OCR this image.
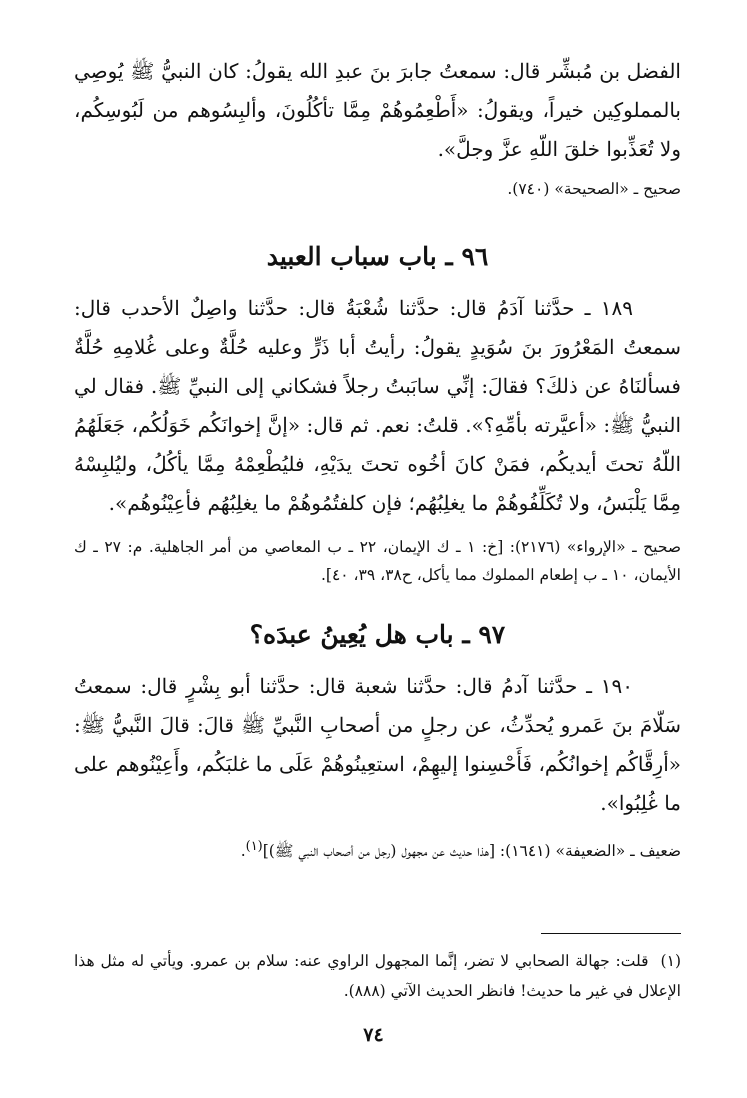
الفضل بن مُبشِّر قال: سمعتُ جابرَ بنَ عبدِ الله يقولُ: كان النبيُّ ﷺ يُوصِي بالمملوكِين خيراً، ويقولُ: «أَطْعِمُوهُمْ مِمَّا تأكُلُونَ، وألبِسُوهم من لَبُوسِكُم، ولا تُعَذِّبوا خلقَ اللّهِ عزَّ وجلَّ».

صحيح ـ «الصحيحة» (٧٤٠).

٩٦ ـ باب سباب العبيد

١٨٩ ـ حدَّثنا آدَمُ قال: حدَّثنا شُعْبَةُ قال: حدَّثنا واصِلٌ الأحدب قال: سمعتُ المَعْرُورَ بنَ سُوَيدٍ يقولُ: رأيتُ أبا ذَرٍّ وعليه حُلَّةٌ وعلى غُلامِهِ حُلَّةٌ فسألنَاهُ عن ذلكَ؟ فقالَ: إنِّي سابَبتُ رجلاً فشكاني إلى النبيِّ ﷺ. فقال لي النبيُّ ﷺ: «أعيَّرته بأمِّهِ؟». قلتُ: نعم. ثم قال: «إنَّ إخوانَكُم خَوَلُكُم، جَعَلَهُمُ اللّهُ تحتَ أيديكُم، فمَنْ كانَ أخُوه تحتَ يدَيْهِ، فليُطْعِمْهُ مِمَّا يأكُلُ، وليُلبِسْهُ مِمَّا يَلْبَسُ، ولا تُكَلِّفُوهُمْ ما يغلِبُهُم؛ فإن كلفتُمُوهُمْ ما يغلِبُهُم فأعِيْنُوهُم».

صحيح ـ «الإرواء» (٢١٧٦): [خ: ١ ـ ك الإيمان، ٢٢ ـ ب المعاصي من أمر الجاهلية. م: ٢٧ ـ ك الأيمان، ١٠ ـ ب إطعام المملوك مما يأكل، ح٣٨، ٣٩، ٤٠].

٩٧ ـ باب هل يُعِينُ عبدَه؟

١٩٠ ـ حدَّثنا آدمُ قال: حدَّثنا شعبة قال: حدَّثنا أبو بِشْرٍ قال: سمعتُ سَلّامَ بنَ عَمرو يُحدِّثُ، عن رجلٍ من أصحابِ النَّبيِّ ﷺ قالَ: قالَ النَّبيُّ ﷺ: «أرِقَّاكُم إخوانُكُم، فَأَحْسِنوا إليهِمْ، استعِينُوهُمْ عَلَى ما غلبَكُم، وأَعِيْنُوهم على ما غُلِبُوا».

ضعيف ـ «الضعيفة» (١٦٤١): [هذا حديث عن مجهول (رجل من أصحاب النبي ﷺ)]$^{(١)}$.

(١)قلت: جهالة الصحابي لا تضر، إنَّما المجهول الراوي عنه: سلام بن عمرو. ويأتي له مثل هذا الإعلال في غير ما حديث! فانظر الحديث الآتي (٨٨٨).

٧٤
